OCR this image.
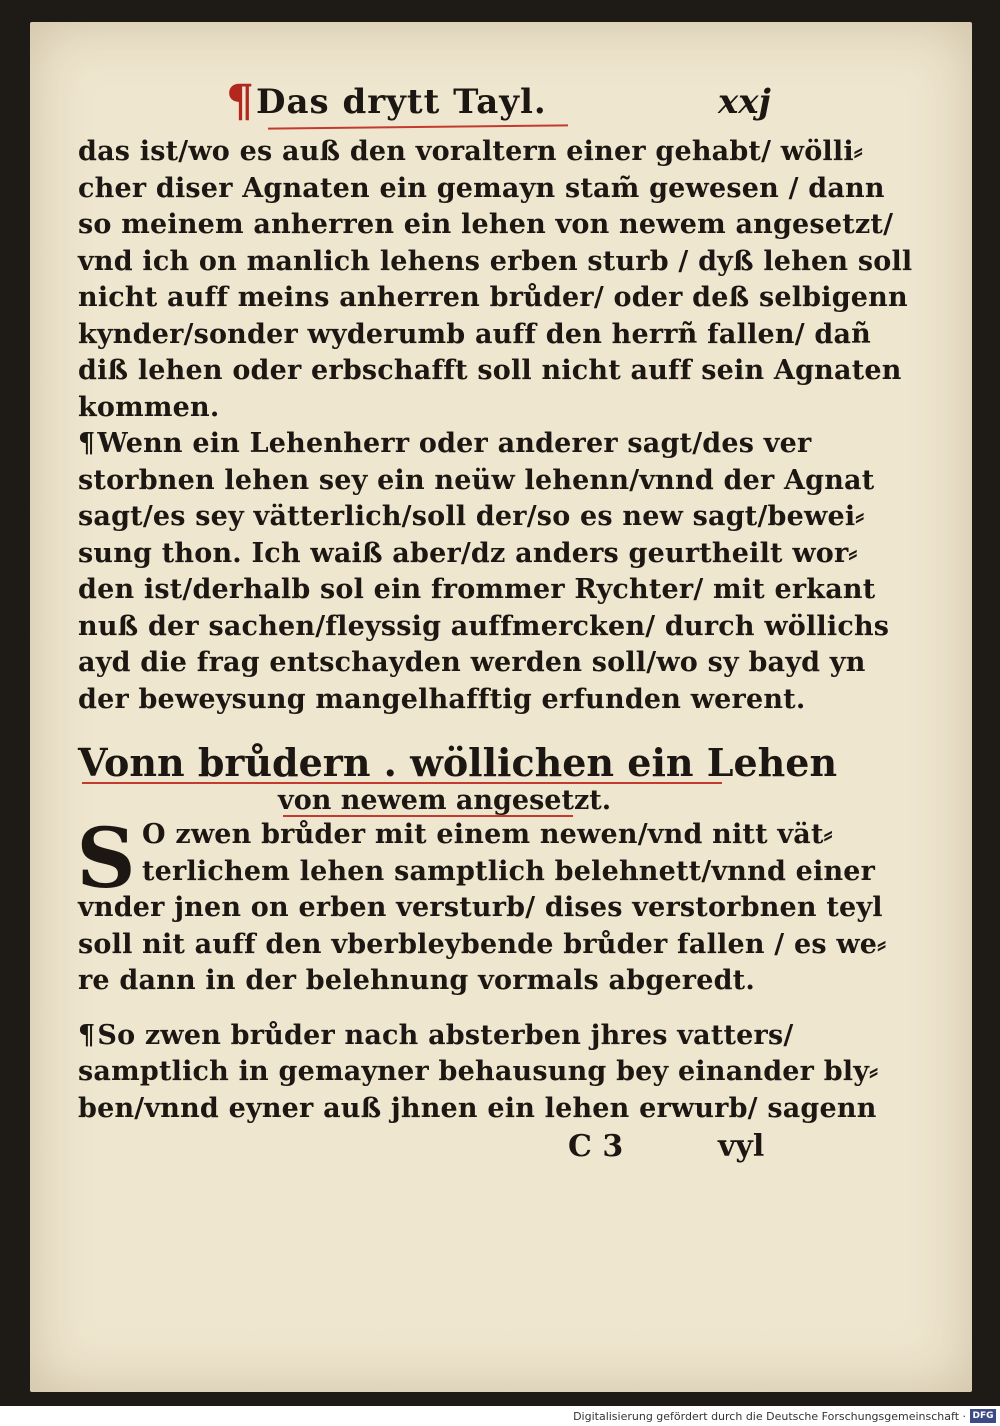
¶ Das drytt Tayl.	xxj
das ist/wo es auß den voraltern einer gehabt/ wölli⸗
cher diser Agnaten ein gemayn stam̃ gewesen / dann
so meinem anherren ein lehen von newem angesetzt/
vnd ich on manlich lehens erben sturb / dyß lehen soll
nicht auff meins anherren brůder/ oder deß selbigenn
kynder/sonder wyderumb auff den herrñ fallen/ dañ
diß lehen oder erbschafft soll nicht auff sein Agnaten
kommen.
¶Wenn ein Lehenherr oder anderer sagt/des ver
storbnen lehen sey ein neüw lehenn/vnnd der Agnat
sagt/es sey vätterlich/soll der/so es new sagt/bewei⸗
sung thon. Ich waiß aber/dz anders geurtheilt wor⸗
den ist/derhalb sol ein frommer Rychter/ mit erkant
nuß der sachen/fleyssig auffmercken/ durch wöllichs
ayd die frag entschayden werden soll/wo sy bayd yn
der beweysung mangelhafftig erfunden werent.
Vonn brůdern . wöllichen ein Lehen
von newem angesetzt.
S O zwen brůder mit einem newen/vnd nitt vät⸗
terlichem lehen samptlich belehnett/vnnd einer
vnder jnen on erben versturb/ dises verstorbnen teyl
soll nit auff den vberbleybende brůder fallen / es we⸗
re dann in der belehnung vormals abgeredt.
¶So zwen brůder nach absterben jhres vatters/
samptlich in gemayner behausung bey einander bly⸗
ben/vnnd eyner auß jhnen ein lehen erwurb/ sagenn
C 3	vyl
Digitalisierung gefördert durch die Deutsche Forschungsgemeinschaft · DFG
